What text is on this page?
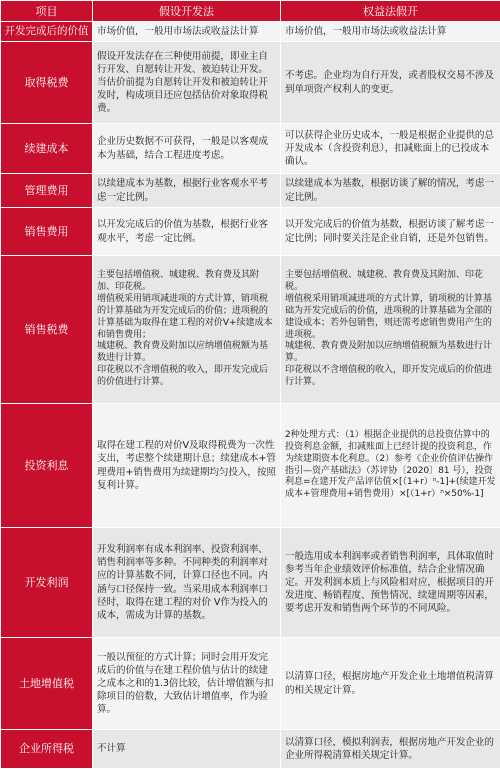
项目	假设开发法	权益法假开
开发完成后的价值	市场价值，一般用市场法或收益法计算	市场价值，一般用市场法或收益法计算

取得税费	假设开发法存在三种使用前提，即业主自行开发、自愿转让开发、被迫转让开发。当估价前提为自愿转让开发和被迫转让开发时，构成项目还应包括估价对象取得税费。	不考虑。企业均为自行开发，或者股权交易不涉及到单项资产权利人的变更。

续建成本	企业历史数据不可获得，一般是以客观成本为基础，结合工程进度考虑。	可以获得企业历史成本，一般是根据企业提供的总开发成本（含投资利息），扣减账面上的已投成本确认。

管理费用	以续建成本为基数，根据行业客观水平考虑一定比例。	以续建成本为基数，根据访谈了解的情况，考虑一定比例。

销售费用	以开发完成后的价值为基数，根据行业客观水平，考虑一定比例。	以开发完成后的价值为基数，根据访谈了解考虑一定比例；同时要关注是企业自销，还是外包销售。

销售税费	主要包括增值税、城建税、教育费及其附加、印花税。
增值税采用销项减进项的方式计算，销项税的计算基础为开发完成后的价值；进项税的计算基础为取得在建工程的对价V+续建成本和销售费用；
城建税、教育费及附加以应纳增值税额为基数进行计算。
印花税以不含增值税的收入，即开发完成后的价值进行计算。	主要包括增值税、城建税、教育费及其附加、印花税。
增值税采用销项减进项的方式计算，销项税的计算基础为开发完成后的价值，进项税的计算基础为全部的建设成本；若外包销售，则还需考虑销售费用产生的进项税。
城建税、教育费及附加以应纳增值税额为基数进行计算。
印花税以不含增值税的收入，即开发完成后的价值进行计算。

投资利息	取得在建工程的对价V及取得税费为一次性支出，考虑整个续建期计息；续建成本+管理费用+销售费用为续建期均匀投入，按照复利计算。	2种处理方式：（1）根据企业提供的总投资估算中的投资利息金额，扣减账面上已经计提的投资利息，作为续建期资本化利息。（2）参考《企业价值评估操作指引—资产基础法》（苏评协〔2020〕81 号），投资利息=在建开发产品评估值×[（1+r）ⁿ-1]+(续建开发成本+管理费用+销售费用）×[（1+r）ⁿ×50%-1]

开发利润	开发利润率有成本利润率、投资利润率、销售利润率等多种。不同种类的利润率对应的计算基数不同，计算口径也不同。内涵与口径保持一致。当采用成本利润率口径时，取得在建工程的对价 V作为投入的成本，需成为计算的基数。	一般选用成本利润率或者销售利润率，具体取值时参考当年企业绩效评价标准值，结合企业情况确定。开发利润本质上与风险相对应，根据项目的开发进度、畅销程度、预售情况、续建周期等因素，要考虑开发和销售两个环节的不同风险。

土地增值税	一般以预征的方式计算；同时会用开发完成后的价值与在建工程价值与估计的续建之成本之和的1.3倍比较，估计增值额与扣除项目的倍数，大致估计增值率，作为验算。	以清算口径，根据房地产开发企业土地增值税清算的相关规定计算。

企业所得税	不计算	以清算口径，模拟利润表，根据房地产开发企业的企业所得税清算相关规定计算。
